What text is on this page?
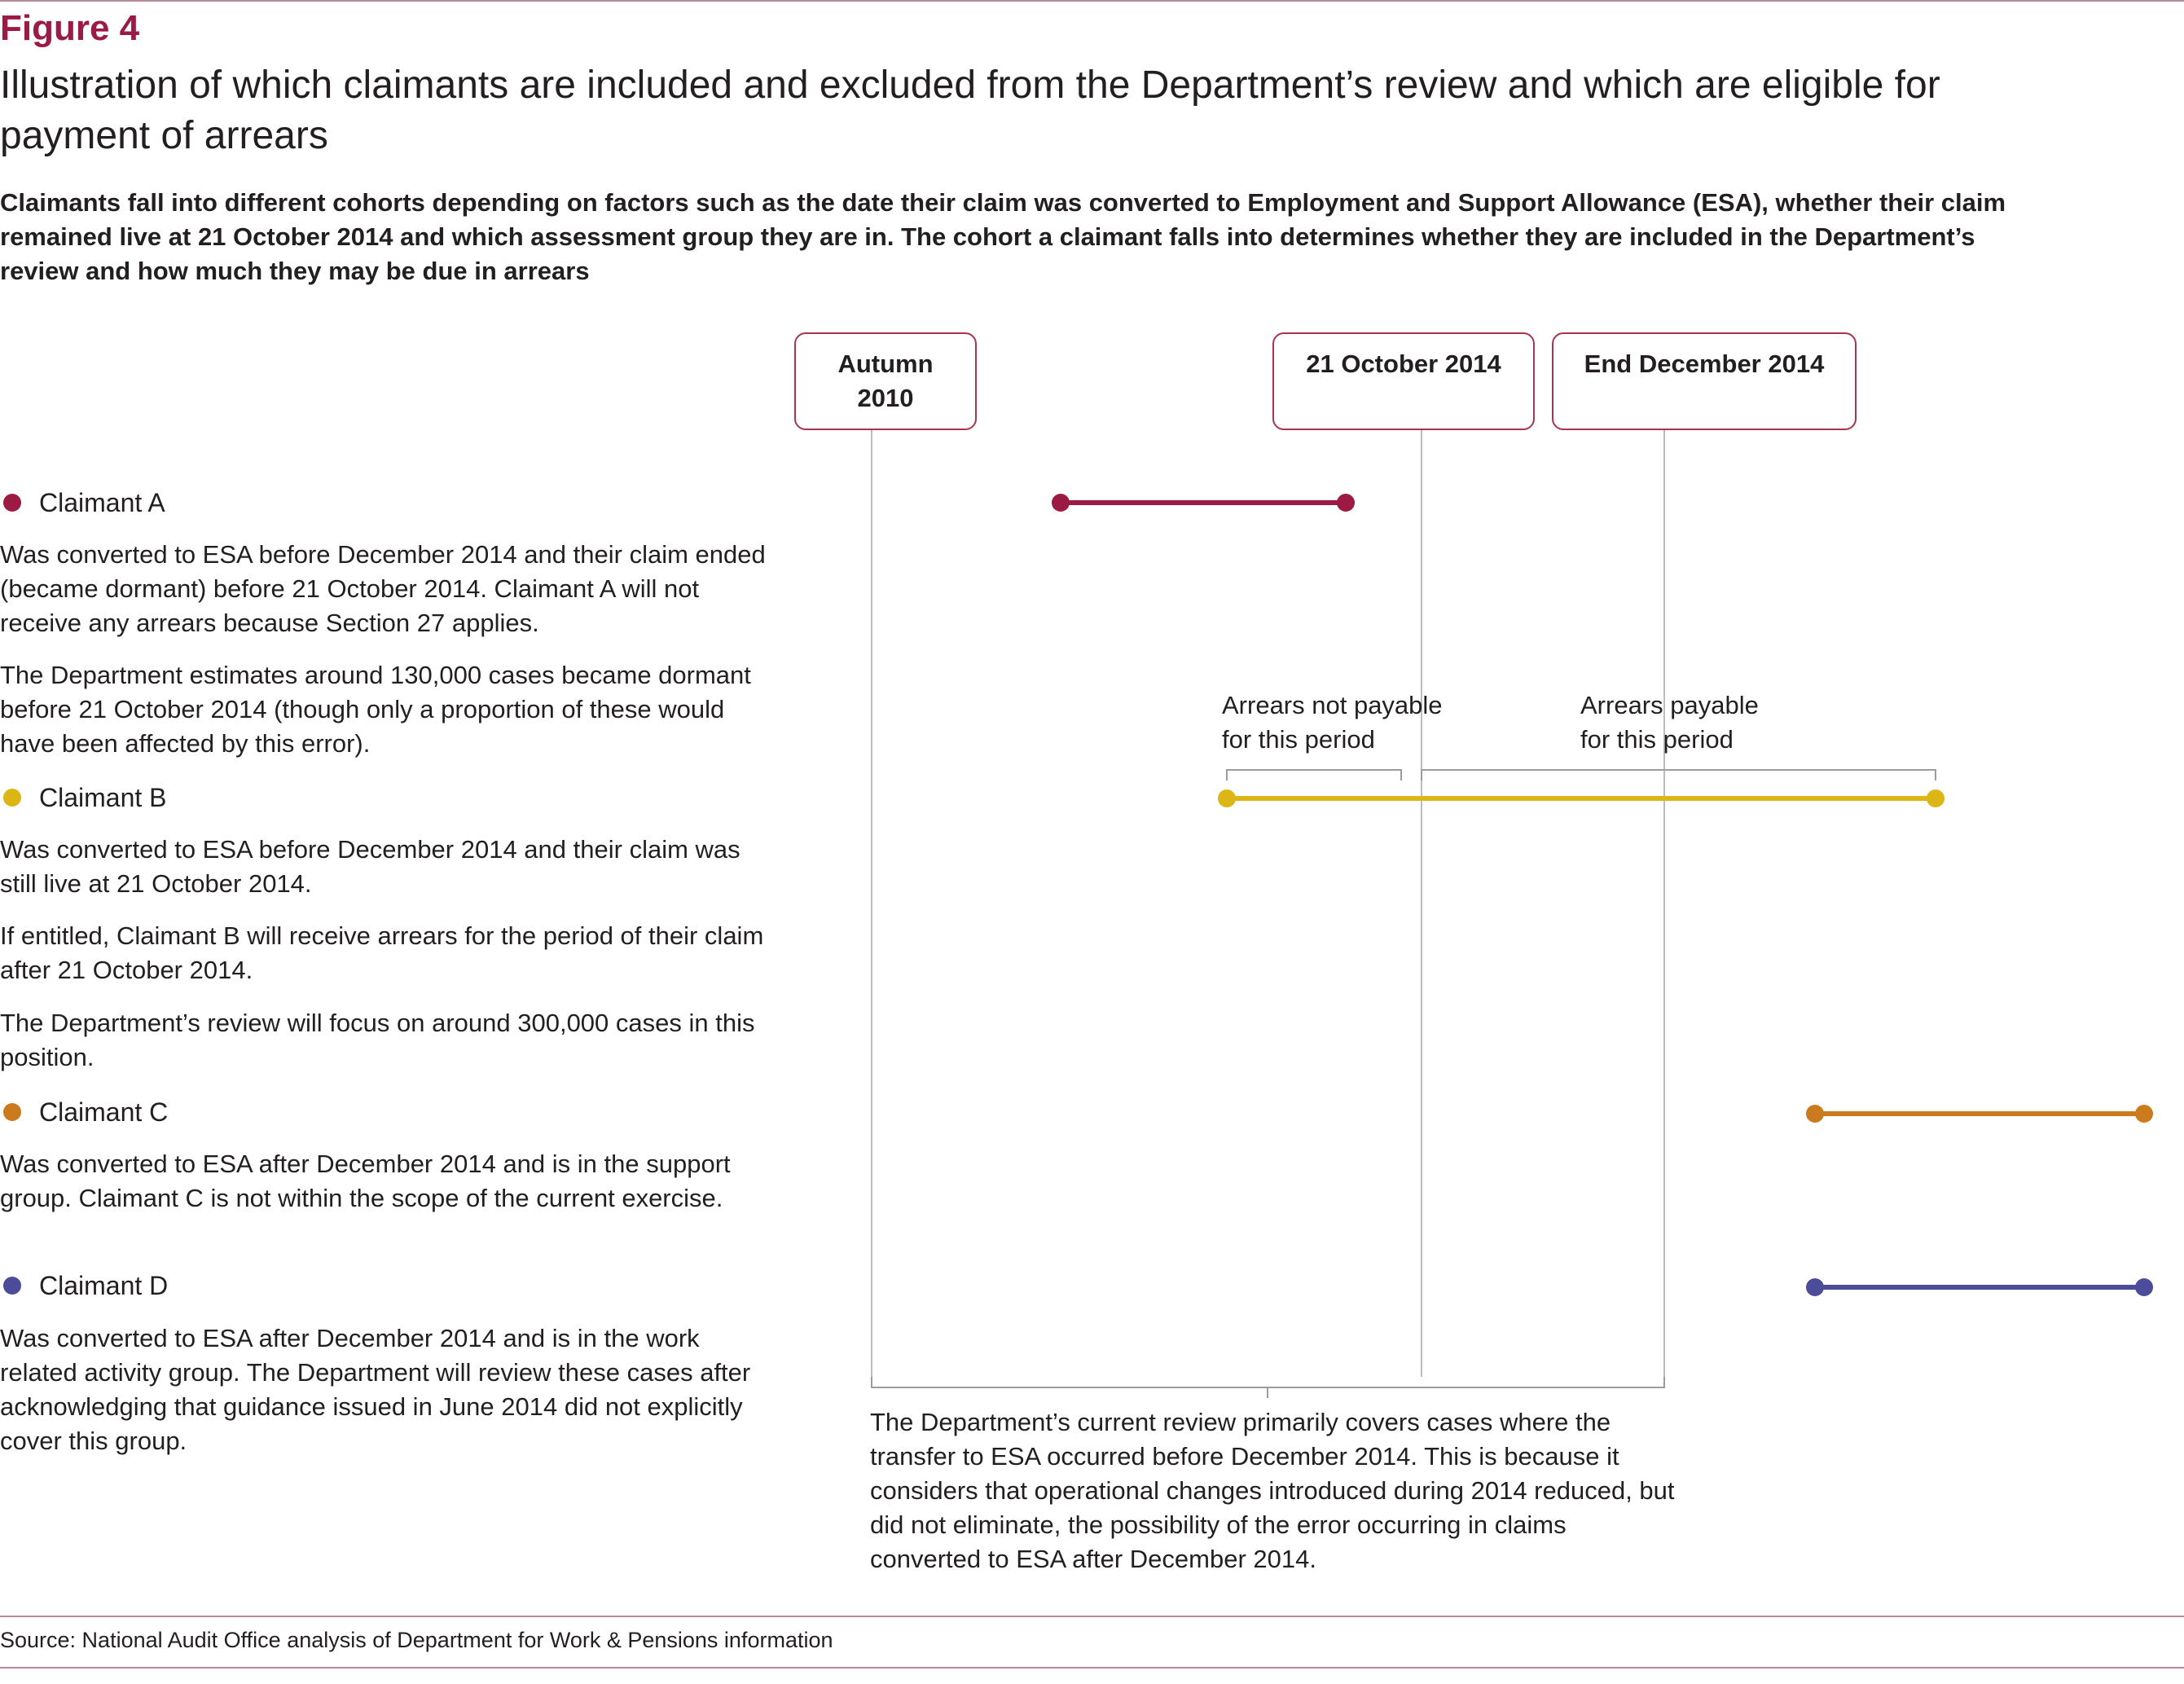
Figure 4
Illustration of which claimants are included and excluded from the Department’s review and which are eligible for payment of arrears
Claimants fall into different cohorts depending on factors such as the date their claim was converted to Employment and Support Allowance (ESA), whether their claim remained live at 21 October 2014 and which assessment group they are in. The cohort a claimant falls into determines whether they are included in the Department’s review and how much they may be due in arrears
Autumn 2010
21 October 2014	End December 2014
Arrears not payable for this period
Arrears payable for this period
The Department’s current review primarily covers cases where the transfer to ESA occurred before December 2014. This is because it considers that operational changes introduced during 2014 reduced, but did not eliminate, the possibility of the error occurring in claims converted to ESA after December 2014.
Claimant A
Was converted to ESA before December 2014 and their claim ended (became dormant) before 21 October 2014. Claimant A will not receive any arrears because Section 27 applies.
The Department estimates around 130,000 cases became dormant before 21 October 2014 (though only a proportion of these would have been affected by this error).
Claimant B
Was converted to ESA before December 2014 and their claim was still live at 21 October 2014.
If entitled, Claimant B will receive arrears for the period of their claim after 21 October 2014.
The Department’s review will focus on around 300,000 cases in this position.
Claimant C
Was converted to ESA after December 2014 and is in the support group. Claimant C is not within the scope of the current exercise.
Claimant D
Was converted to ESA after December 2014 and is in the work related activity group. The Department will review these cases after acknowledging that guidance issued in June 2014 did not explicitly cover this group.
Source: National Audit Office analysis of Department for Work & Pensions information
